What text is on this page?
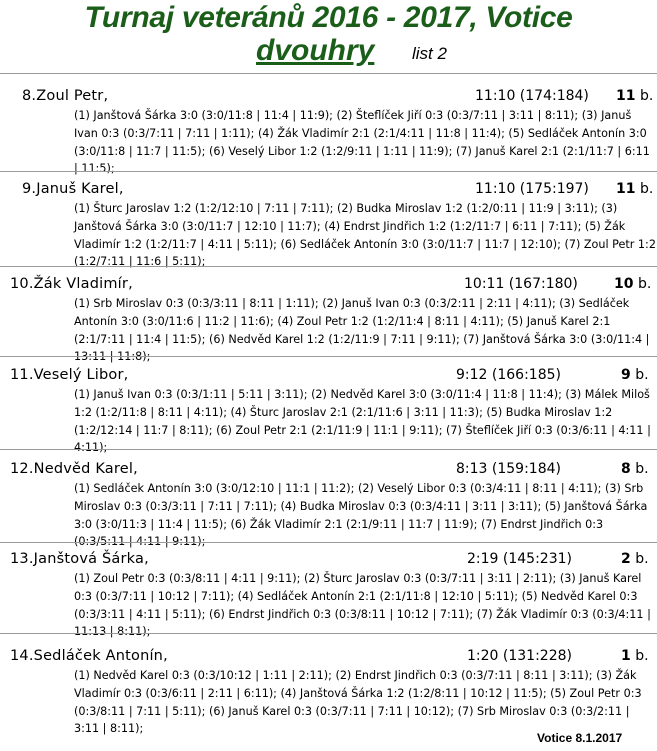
Turnaj veteránů 2016 - 2017, Votice
dvouhry list 2
8.Zoul Petr,	11:10 (174:184) 11 b.
(1) Janštová Šárka 3:0 (3:0/11:8 | 11:4 | 11:9); (2) Šteflíček Jiří 0:3 (0:3/7:11 | 3:11 | 8:11); (3) Januš Ivan 0:3 (0:3/7:11 | 7:11 | 1:11); (4) Žák Vladimír 2:1 (2:1/4:11 | 11:8 | 11:4); (5) Sedláček Antonín 3:0 (3:0/11:8 | 11:7 | 11:5); (6) Veselý Libor 1:2 (1:2/9:11 | 1:11 | 11:9); (7) Januš Karel 2:1 (2:1/11:7 | 6:11 | 11:5);
9.Januš Karel,	11:10 (175:197) 11 b.
(1) Šturc Jaroslav 1:2 (1:2/12:10 | 7:11 | 7:11); (2) Budka Miroslav 1:2 (1:2/0:11 | 11:9 | 3:11); (3) Janštová Šárka 3:0 (3:0/11:7 | 12:10 | 11:7); (4) Endrst Jindřich 1:2 (1:2/11:7 | 6:11 | 7:11); (5) Žák Vladimír 1:2 (1:2/11:7 | 4:11 | 5:11); (6) Sedláček Antonín 3:0 (3:0/11:7 | 11:7 | 12:10); (7) Zoul Petr 1:2 (1:2/7:11 | 11:6 | 5:11);
10.Žák Vladimír,	10:11 (167:180)	10 b.
(1) Srb Miroslav 0:3 (0:3/3:11 | 8:11 | 1:11); (2) Januš Ivan 0:3 (0:3/2:11 | 2:11 | 4:11); (3) Sedláček Antonín 3:0 (3:0/11:6 | 11:2 | 11:6); (4) Zoul Petr 1:2 (1:2/11:4 | 8:11 | 4:11); (5) Januš Karel 2:1 (2:1/7:11 | 11:4 | 11:5); (6) Nedvěd Karel 1:2 (1:2/11:9 | 7:11 | 9:11); (7) Janštová Šárka 3:0 (3:0/11:4 | 13:11 | 11:8);
11.Veselý Libor,	9:12 (166:185)	9 b.
(1) Januš Ivan 0:3 (0:3/1:11 | 5:11 | 3:11); (2) Nedvěd Karel 3:0 (3:0/11:4 | 11:8 | 11:4); (3) Málek Miloš 1:2 (1:2/11:8 | 8:11 | 4:11); (4) Šturc Jaroslav 2:1 (2:1/11:6 | 3:11 | 11:3); (5) Budka Miroslav 1:2 (1:2/12:14 | 11:7 | 8:11); (6) Zoul Petr 2:1 (2:1/11:9 | 11:1 | 9:11); (7) Šteflíček Jiří 0:3 (0:3/6:11 | 4:11 | 4:11);
12.Nedvěd Karel,	8:13 (159:184)	8 b.
(1) Sedláček Antonín 3:0 (3:0/12:10 | 11:1 | 11:2); (2) Veselý Libor 0:3 (0:3/4:11 | 8:11 | 4:11); (3) Srb Miroslav 0:3 (0:3/3:11 | 7:11 | 7:11); (4) Budka Miroslav 0:3 (0:3/4:11 | 3:11 | 3:11); (5) Janštová Šárka 3:0 (3:0/11:3 | 11:4 | 11:5); (6) Žák Vladimír 2:1 (2:1/9:11 | 11:7 | 11:9); (7) Endrst Jindřich 0:3 (0:3/5:11 | 4:11 | 9:11);
13.Janštová Šárka,	2:19 (145:231)	2 b.
(1) Zoul Petr 0:3 (0:3/8:11 | 4:11 | 9:11); (2) Šturc Jaroslav 0:3 (0:3/7:11 | 3:11 | 2:11); (3) Januš Karel 0:3 (0:3/7:11 | 10:12 | 7:11); (4) Sedláček Antonín 2:1 (2:1/11:8 | 12:10 | 5:11); (5) Nedvěd Karel 0:3 (0:3/3:11 | 4:11 | 5:11); (6) Endrst Jindřich 0:3 (0:3/8:11 | 10:12 | 7:11); (7) Žák Vladimír 0:3 (0:3/4:11 | 11:13 | 8:11);
14.Sedláček Antonín,	1:20 (131:228)	1 b.
(1) Nedvěd Karel 0:3 (0:3/10:12 | 1:11 | 2:11); (2) Endrst Jindřich 0:3 (0:3/7:11 | 8:11 | 3:11); (3) Žák Vladimír 0:3 (0:3/6:11 | 2:11 | 6:11); (4) Janštová Šárka 1:2 (1:2/8:11 | 10:12 | 11:5); (5) Zoul Petr 0:3 (0:3/8:11 | 7:11 | 5:11); (6) Januš Karel 0:3 (0:3/7:11 | 7:11 | 10:12); (7) Srb Miroslav 0:3 (0:3/2:11 | 3:11 | 8:11);
Votice 8.1.2017
